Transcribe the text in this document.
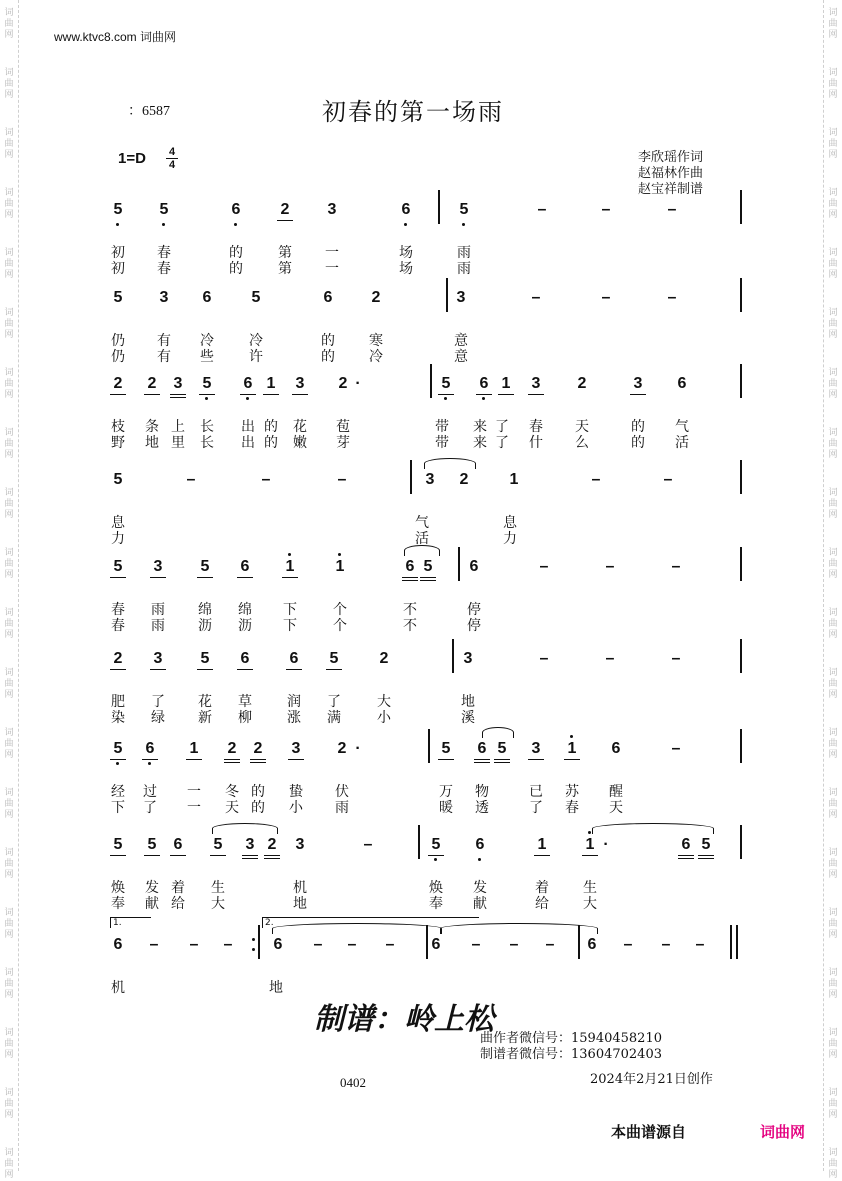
词
曲
网
词
曲
网
词
曲
网
词
曲
网
词
曲
网
词
曲
网
词
曲
网
词
曲
网
词
曲
网
词
曲
网
词
曲
网
词
曲
网
词
曲
网
词
曲
网
词
曲
网
词
曲
网
词
曲
网
词
曲
网
词
曲
网
词
曲
网
词
曲
网
词
曲
网
词
曲
网
词
曲
网
词
曲
网
词
曲
网
词
曲
网
词
曲
网
词
曲
网
词
曲
网
词
曲
网
词
曲
网
词
曲
网
词
曲
网
词
曲
网
词
曲
网
词
曲
网
词
曲
网
词
曲
网
词
曲
网
www.ktvc8.com 词曲网
：6587	初春的第一场雨
1=D 4
4	李欣瑶作词
赵福林作曲
赵宝祥制谱
5 5	6	2 3	6	5	–	–	–
初 春	的	第 一	场	雨
初 春	的	第 一	场	雨
5 3 6	5	6 2	3	–	–	–
仍 有 冷	冷	的 寒	意
仍 有 些	许	的 冷	意
2 2 3 5 6 1 3 2 ·	5 6 1 3 2	3 6
枝 条 上 长 出 的 花 苞	带 来 了 春 天	的 气
野 地 里 长 出 的 嫩 芽	带 来 了 什 么	的 活
5	–	–	–	3 2	1	–	–
息	气	息
力	活	力
5 3 5 6 1	1	6 5 6	–	–	–
春 雨 绵 绵 下	个	不	停
春 雨 沥 沥 下	个	不	停
2 3 5 6	6 5	2	3	–	–	–
肥 了 花 草	润 了	大	地
染 绿 新 柳	涨 满	小	溪
5 6 1 2 2 3 2 ·	5 6 5 3 1 6	–
经 过 一 冬 的 蛰 伏	万 物	已 苏 醒
下 了 一 天 的 小 雨	暖 透	了 春 天
5 5 6 5 3 2 3	–	5 6	1 1 ·	6 5
焕 发 着 生	机	焕 发	着 生
奉 献 给 大	地	奉 献	给 大
6 – – –	6 – – – 6 – – – 6 – – –
机	地
1.	2.
制谱：岭上松
曲作者微信号：15940458210
制谱者微信号：13604702403
0402	2024年2月21日创作
本曲谱源自	词曲网
